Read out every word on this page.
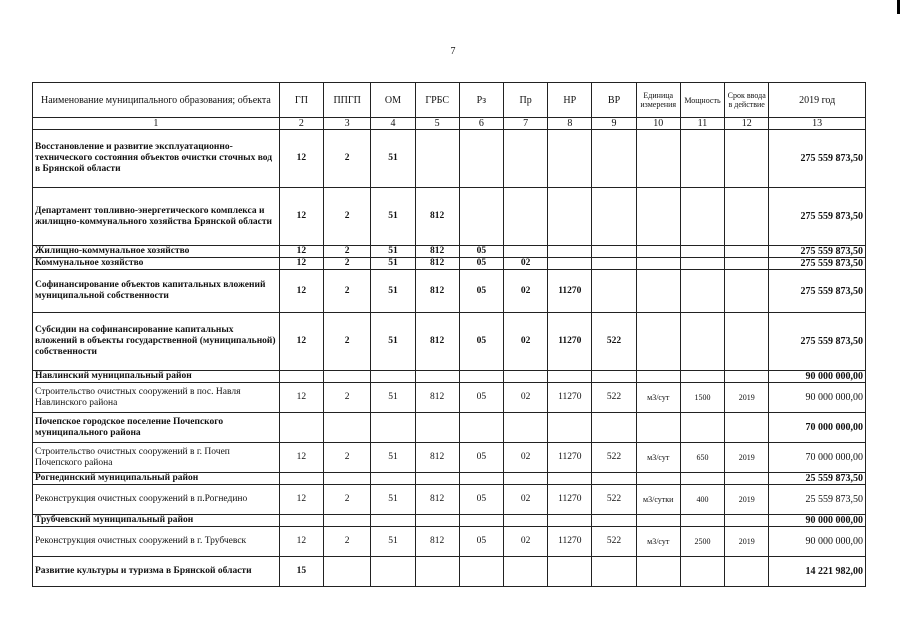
7
Наименование муниципального образования; объекта	ГП	ППГП	ОМ	ГРБС	Рз	Пр	НР	ВР	Единица измерения	Мощность	Срок ввода в действие	2019 год
1	2	3	4	5	6	7	8	9	10	11	12	13
Восстановление и развитие эксплуатационно-технического состояния объектов очистки сточных вод в Брянской области	12	2	51									275 559 873,50
Департамент топливно-энергетического комплекса и жилищно-коммунального хозяйства Брянской области	12	2	51	812								275 559 873,50
Жилищно-коммунальное хозяйство	12	2	51	812	05							275 559 873,50
Коммунальное хозяйство	12	2	51	812	05	02						275 559 873,50
Софинансирование объектов капитальных вложений муниципальной собственности	12	2	51	812	05	02	11270					275 559 873,50
Субсидии на софинансирование капитальных вложений в объекты государственной (муниципальной) собственности	12	2	51	812	05	02	11270	522				275 559 873,50
Навлинский муниципальный район												90 000 000,00
Строительство очистных сооружений в пос. Навля Навлинского района	12	2	51	812	05	02	11270	522	м3/сут	1500	2019	90 000 000,00
Почепское городское поселение Почепского муниципального района												70 000 000,00
Строительство очистных сооружений в г. Почеп Почепского района	12	2	51	812	05	02	11270	522	м3/сут	650	2019	70 000 000,00
Рогнединский муниципальный район												25 559 873,50
Реконструкция очистных сооружений в п.Рогнедино	12	2	51	812	05	02	11270	522	м3/сутки	400	2019	25 559 873,50
Трубчевский муниципальный район												90 000 000,00
Реконструкция очистных сооружений в г. Трубчевск	12	2	51	812	05	02	11270	522	м3/сут	2500	2019	90 000 000,00
Развитие культуры и туризма в Брянской области	15											14 221 982,00
